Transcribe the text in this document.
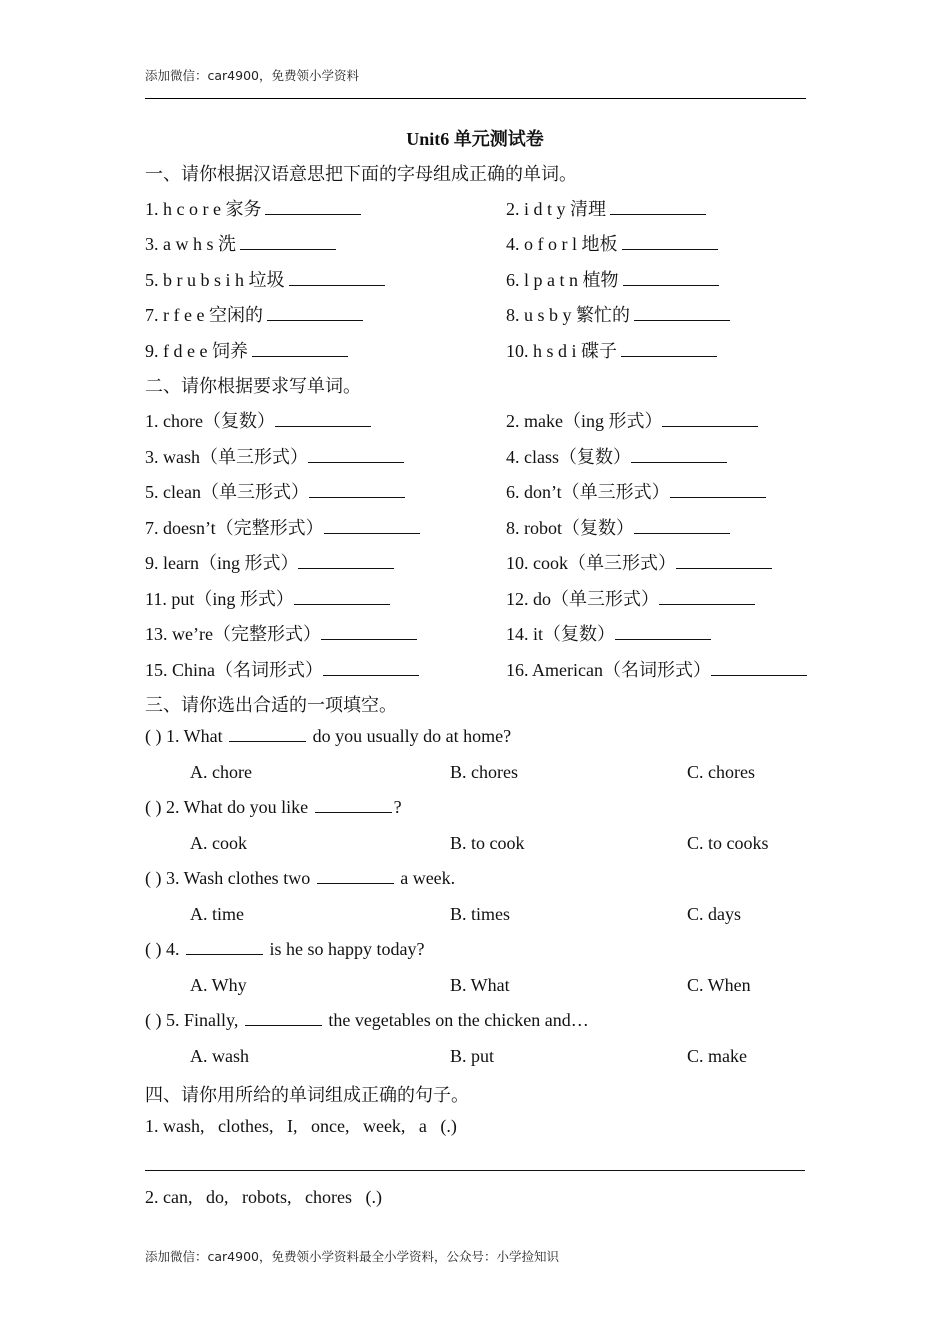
添加微信：car4900，免费领小学资料
Unit6 单元测试卷
一、请你根据汉语意思把下面的字母组成正确的单词。
1. h c o r e 家务	2. i d t y 清理
3. a w h s 洗	4. o f o r l 地板
5. b r u b s i h 垃圾	6. l p a t n 植物
7. r f e e 空闲的	8. u s b y 繁忙的
9. f d e e 饲养	10. h s d i 碟子
二、请你根据要求写单词。
1. chore（复数）	2. make（ing 形式）
3. wash（单三形式）	4. class（复数）
5. clean（单三形式）	6. don’t（单三形式）
7. doesn’t（完整形式）	8. robot（复数）
9. learn（ing 形式）	10. cook（单三形式）
11. put（ing 形式）	12. do（单三形式）
13. we’re（完整形式）	14. it（复数）
15. China（名词形式）	16. American（名词形式）
三、请你选出合适的一项填空。
( ) 1. What	do you usually do at home?
A. chore	B. chores	C. chores
( ) 2. What do you like	?
A. cook	B. to cook	C. to cooks
( ) 3. Wash clothes two	a week.
A. time	B. times	C. days
( ) 4.	is he so happy today?
A. Why	B. What	C. When
( ) 5. Finally,	the vegetables on the chicken and…
A. wash	B. put	C. make
四、请你用所给的单词组成正确的句子。
1. wash,   clothes,   I,   once,   week,   a   (.)
2. can,   do,   robots,   chores   (.)
添加微信：car4900，免费领小学资料最全小学资料，公众号：小学捡知识
